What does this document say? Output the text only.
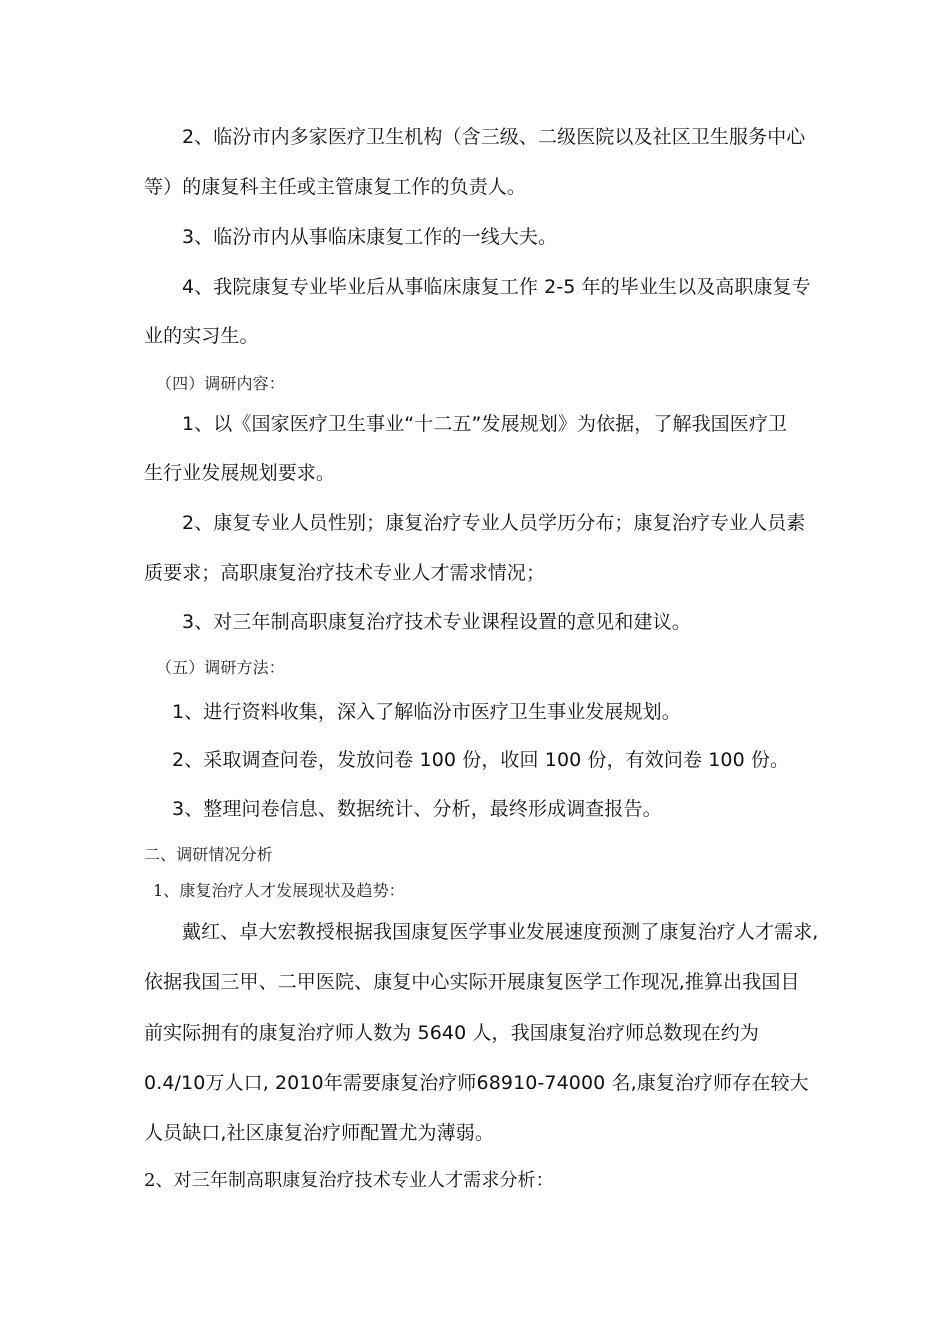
2、临汾市内多家医疗卫生机构（含三级、二级医院以及社区卫生服务中心
等）的康复科主任或主管康复工作的负责人。
3、临汾市内从事临床康复工作的一线大夫。
4、我院康复专业毕业后从事临床康复工作 2-5 年的毕业生以及高职康复专
业的实习生。
（四）调研内容：
1、以《国家医疗卫生事业“十二五”发展规划》为依据，了解我国医疗卫
生行业发展规划要求。
2、康复专业人员性别；康复治疗专业人员学历分布；康复治疗专业人员素
质要求；高职康复治疗技术专业人才需求情况；
3、对三年制高职康复治疗技术专业课程设置的意见和建议。
（五）调研方法：
1、进行资料收集，深入了解临汾市医疗卫生事业发展规划。
2、采取调查问卷，发放问卷 100 份，收回 100 份，有效问卷 100 份。
3、整理问卷信息、数据统计、分析，最终形成调查报告。
二、调研情况分析
1、康复治疗人才发展现状及趋势：
戴红、卓大宏教授根据我国康复医学事业发展速度预测了康复治疗人才需求,
依据我国三甲、二甲医院、康复中心实际开展康复医学工作现况,推算出我国目
前实际拥有的康复治疗师人数为 5640 人，我国康复治疗师总数现在约为
0.4/10万人口, 2010年需要康复治疗师68910-74000 名,康复治疗师存在较大
人员缺口,社区康复治疗师配置尤为薄弱。
2、对三年制高职康复治疗技术专业人才需求分析：
